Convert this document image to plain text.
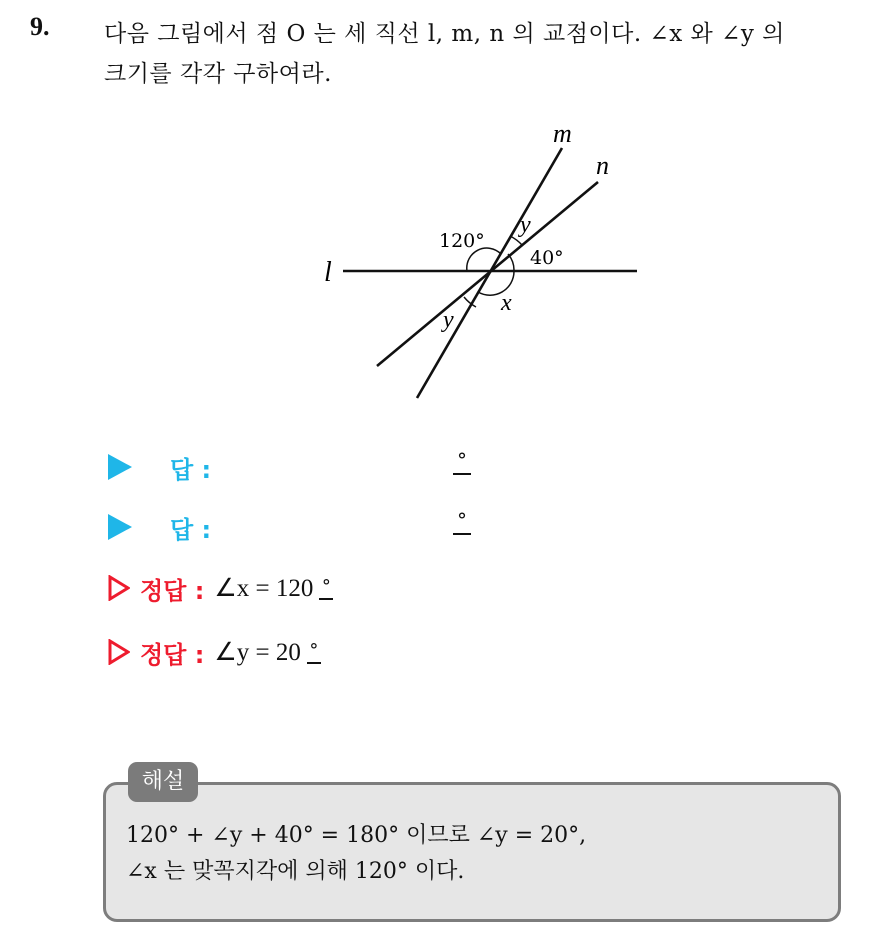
9. 다음 그림에서 점 O 는 세 직선 l, m, n 의 교점이다. ∠x 와 ∠y 의
크기를 각각 구하여라.
l
m
n
120°
40°
x
y
y
답 :	°
답 :	°
정답 : ∠x = 120 °
정답 : ∠y = 20 °
해설
120° + ∠y + 40° = 180° 이므로 ∠y = 20°,
∠x 는 맞꼭지각에 의해 120° 이다.
